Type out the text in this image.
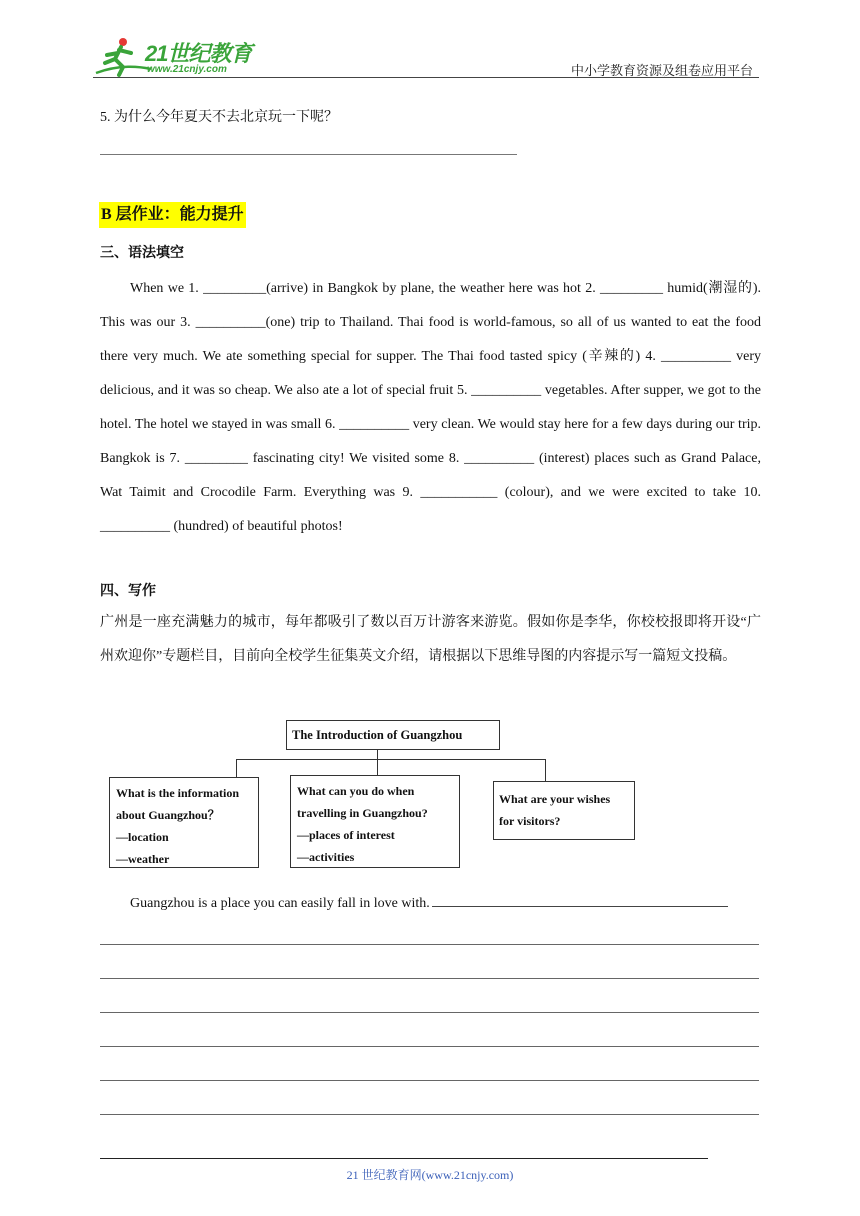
21世纪教育
www.21cnjy.com	中小学教育资源及组卷应用平台
5. 为什么今年夏天不去北京玩一下呢？
B 层作业：能力提升
三、语法填空

When we 1. _________(arrive) in Bangkok by plane, the weather here was hot 2. _________ humid(潮湿的). This was our 3. __________(one) trip to Thailand. Thai food is world-famous, so all of us wanted to eat the food there very much. We ate something special for supper. The Thai food tasted spicy (辛辣的) 4. __________ very delicious, and it was so cheap. We also ate a lot of special fruit 5. __________ vegetables. After supper, we got to the hotel. The hotel we stayed in was small 6. __________ very clean. We would stay here for a few days during our trip. Bangkok is 7. _________ fascinating city! We visited some 8. __________ (interest) places such as Grand Palace, Wat Taimit and Crocodile Farm. Everything was 9. ___________ (colour), and we were excited to take 10. __________ (hundred) of beautiful photos!

四、写作
广州是一座充满魅力的城市，每年都吸引了数以百万计游客来游览。假如你是李华，你校校报即将开设“广州欢迎你”专题栏目，目前向全校学生征集英文介绍，请根据以下思维导图的内容提示写一篇短文投稿。
The Introduction of Guangzhou
What is the information
about Guangzhou？
—location
—weather
What can you do when
travelling in Guangzhou?
—places of interest
—activities
What are your wishes
for visitors?
Guangzhou is a place you can easily fall in love with.
21 世纪教育网(www.21cnjy.com)
